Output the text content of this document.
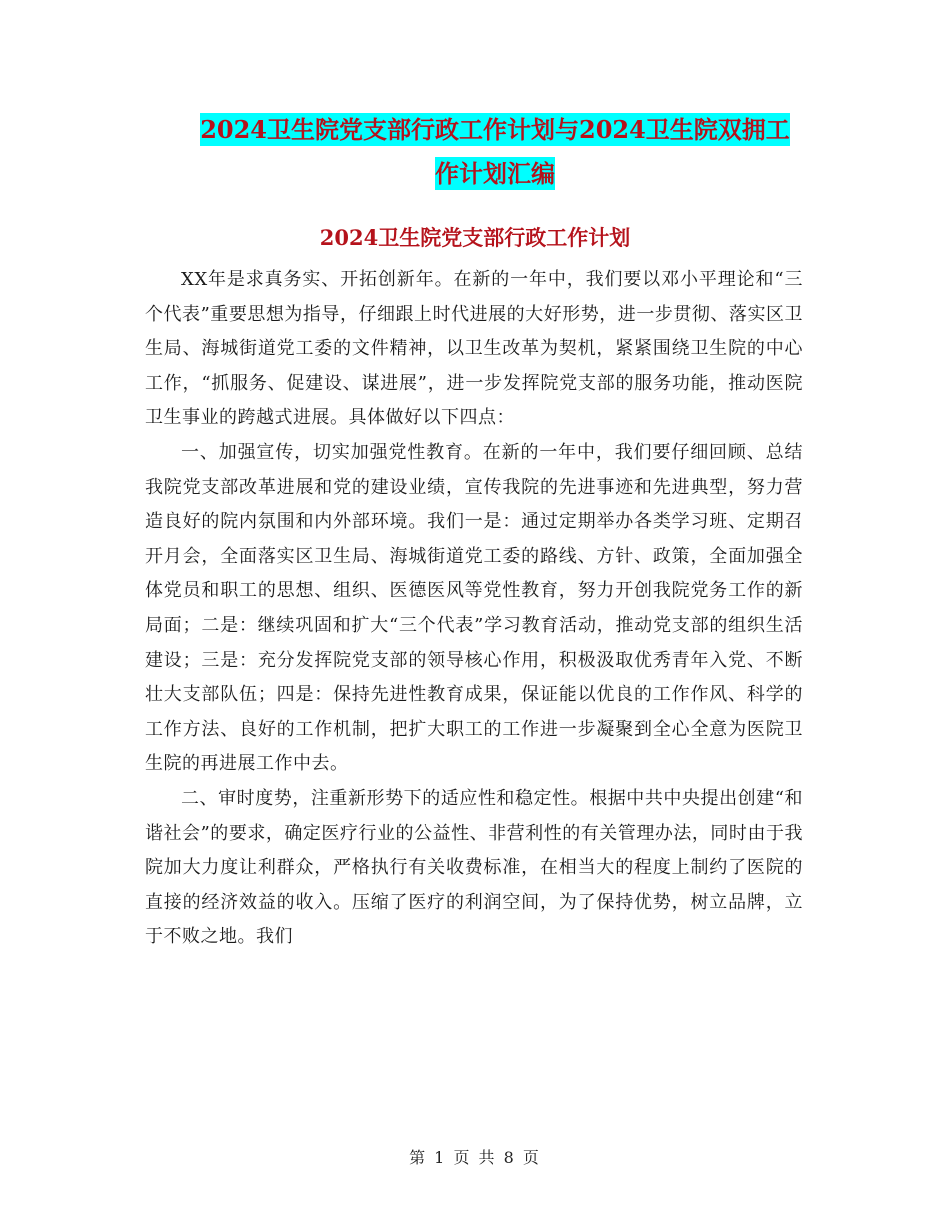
2024卫生院党支部行政工作计划与2024卫生院双拥工
作计划汇编
2024卫生院党支部行政工作计划

XX年是求真务实、开拓创新年。在新的一年中，我们要以邓小平理论和“三个代表”重要思想为指导，仔细跟上时代进展的大好形势，进一步贯彻、落实区卫生局、海城街道党工委的文件精神，以卫生改革为契机，紧紧围绕卫生院的中心工作，“抓服务、促建设、谋进展”，进一步发挥院党支部的服务功能，推动医院卫生事业的跨越式进展。具体做好以下四点：

一、加强宣传，切实加强党性教育。在新的一年中，我们要仔细回顾、总结我院党支部改革进展和党的建设业绩，宣传我院的先进事迹和先进典型，努力营造良好的院内氛围和内外部环境。我们一是：通过定期举办各类学习班、定期召开月会，全面落实区卫生局、海城街道党工委的路线、方针、政策，全面加强全体党员和职工的思想、组织、医德医风等党性教育，努力开创我院党务工作的新局面；二是：继续巩固和扩大“三个代表”学习教育活动，推动党支部的组织生活建设；三是：充分发挥院党支部的领导核心作用，积极汲取优秀青年入党、不断壮大支部队伍；四是：保持先进性教育成果，保证能以优良的工作作风、科学的工作方法、良好的工作机制，把扩大职工的工作进一步凝聚到全心全意为医院卫生院的再进展工作中去。

二、审时度势，注重新形势下的适应性和稳定性。根据中共中央提出创建“和谐社会”的要求，确定医疗行业的公益性、非营利性的有关管理办法，同时由于我院加大力度让利群众，严格执行有关收费标准，在相当大的程度上制约了医院的直接的经济效益的收入。压缩了医疗的利润空间，为了保持优势，树立品牌，立于不败之地。我们

第 1 页 共 8 页
